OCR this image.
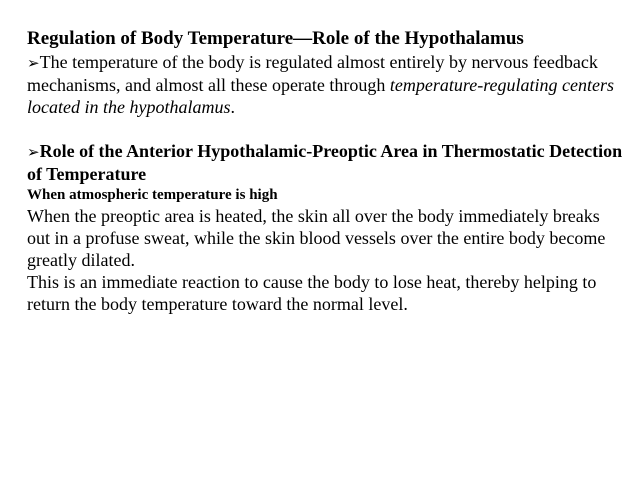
Regulation of Body Temperature—Role of the Hypothalamus

➢The temperature of the body is regulated almost entirely by nervous feedback mechanisms, and almost all these operate through temperature-regulating centers located in the hypothalamus.

➢Role of the Anterior Hypothalamic-Preoptic Area in Thermostatic Detection of Temperature

When atmospheric temperature is high

When the preoptic area is heated, the skin all over the body immediately breaks out in a profuse sweat, while the skin blood vessels over the entire body become greatly dilated.

This is an immediate reaction to cause the body to lose heat, thereby helping to return the body temperature toward the normal level.
